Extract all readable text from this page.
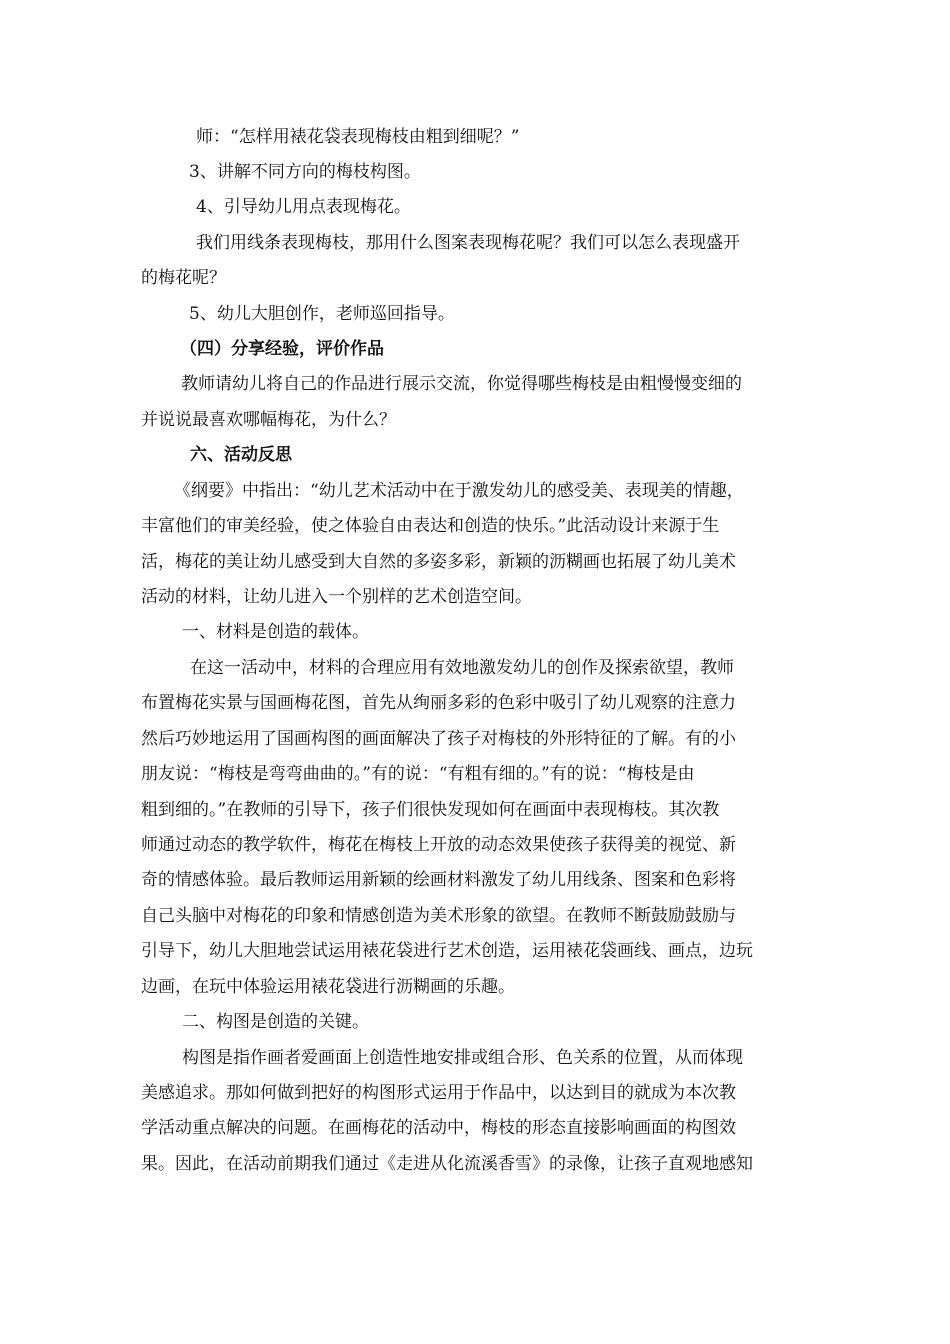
师：“怎样用裱花袋表现梅枝由粗到细呢？”
3、讲解不同方向的梅枝构图。
4、引导幼儿用点表现梅花。
我们用线条表现梅枝，那用什么图案表现梅花呢？我们可以怎么表现盛开
的梅花呢？
5、幼儿大胆创作，老师巡回指导。
（四）分享经验，评价作品
教师请幼儿将自己的作品进行展示交流，你觉得哪些梅枝是由粗慢慢变细的
并说说最喜欢哪幅梅花，为什么？
六、活动反思
《纲要》中指出：“幼儿艺术活动中在于激发幼儿的感受美、表现美的情趣，
丰富他们的审美经验，使之体验自由表达和创造的快乐。”此活动设计来源于生
活，梅花的美让幼儿感受到大自然的多姿多彩，新颖的沥糊画也拓展了幼儿美术
活动的材料，让幼儿进入一个别样的艺术创造空间。
一、材料是创造的载体。
在这一活动中，材料的合理应用有效地激发幼儿的创作及探索欲望，教师
布置梅花实景与国画梅花图，首先从绚丽多彩的色彩中吸引了幼儿观察的注意力
然后巧妙地运用了国画构图的画面解决了孩子对梅枝的外形特征的了解。有的小
朋友说：“梅枝是弯弯曲曲的。”有的说：“有粗有细的。”有的说：“梅枝是由
粗到细的。”在教师的引导下，孩子们很快发现如何在画面中表现梅枝。其次教
师通过动态的教学软件，梅花在梅枝上开放的动态效果使孩子获得美的视觉、新
奇的情感体验。最后教师运用新颖的绘画材料激发了幼儿用线条、图案和色彩将
自己头脑中对梅花的印象和情感创造为美术形象的欲望。在教师不断鼓励鼓励与
引导下，幼儿大胆地尝试运用裱花袋进行艺术创造，运用裱花袋画线、画点，边玩
边画，在玩中体验运用裱花袋进行沥糊画的乐趣。
二、构图是创造的关键。
构图是指作画者爱画面上创造性地安排或组合形、色关系的位置，从而体现
美感追求。那如何做到把好的构图形式运用于作品中，以达到目的就成为本次教
学活动重点解决的问题。在画梅花的活动中，梅枝的形态直接影响画面的构图效
果。因此，在活动前期我们通过《走进从化流溪香雪》的录像，让孩子直观地感知
